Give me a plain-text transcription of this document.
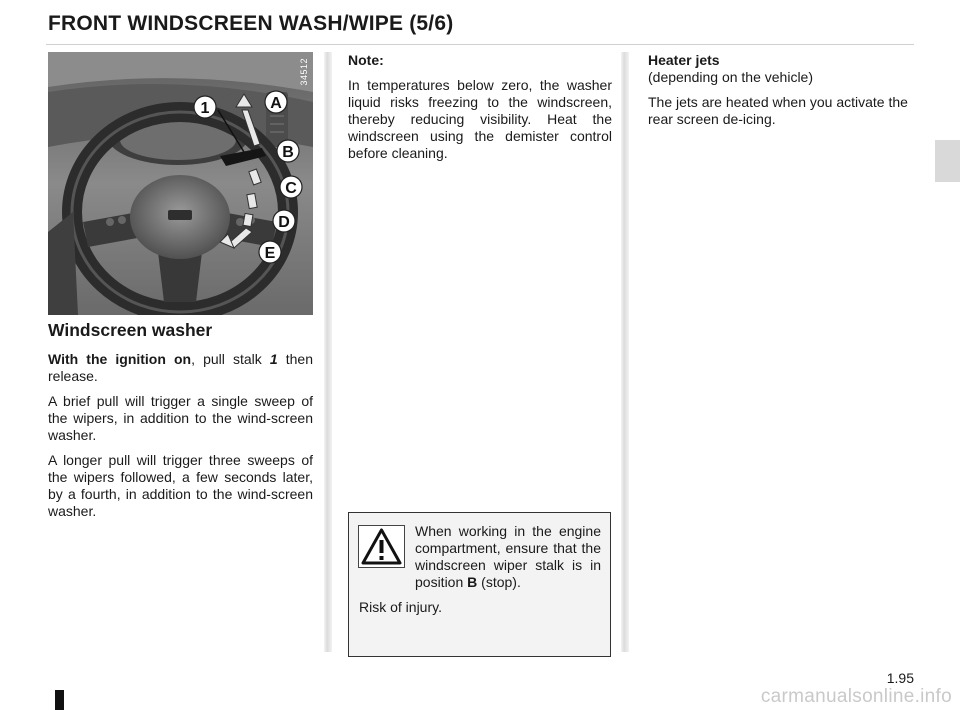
FRONT WINDSCREEN WASH/WIPE (5/6)
1	A
B
C
D
E
34512
Windscreen washer

With the ignition on, pull stalk 1 then release.

A brief pull will trigger a single sweep of the wipers, in addition to the wind-screen washer.

A longer pull will trigger three sweeps of the wipers followed, a few seconds later, by a fourth, in addition to the wind-screen washer.

Note:

In temperatures below zero, the washer liquid risks freezing to the windscreen, thereby reducing visibility. Heat the windscreen using the demister control before cleaning.

When working in the engine compartment, ensure that the windscreen wiper stalk is in position B (stop).

Risk of injury.

Heater jets
(depending on the vehicle)

The jets are heated when you activate the rear screen de-icing.

1.95
carmanualsonline.info
